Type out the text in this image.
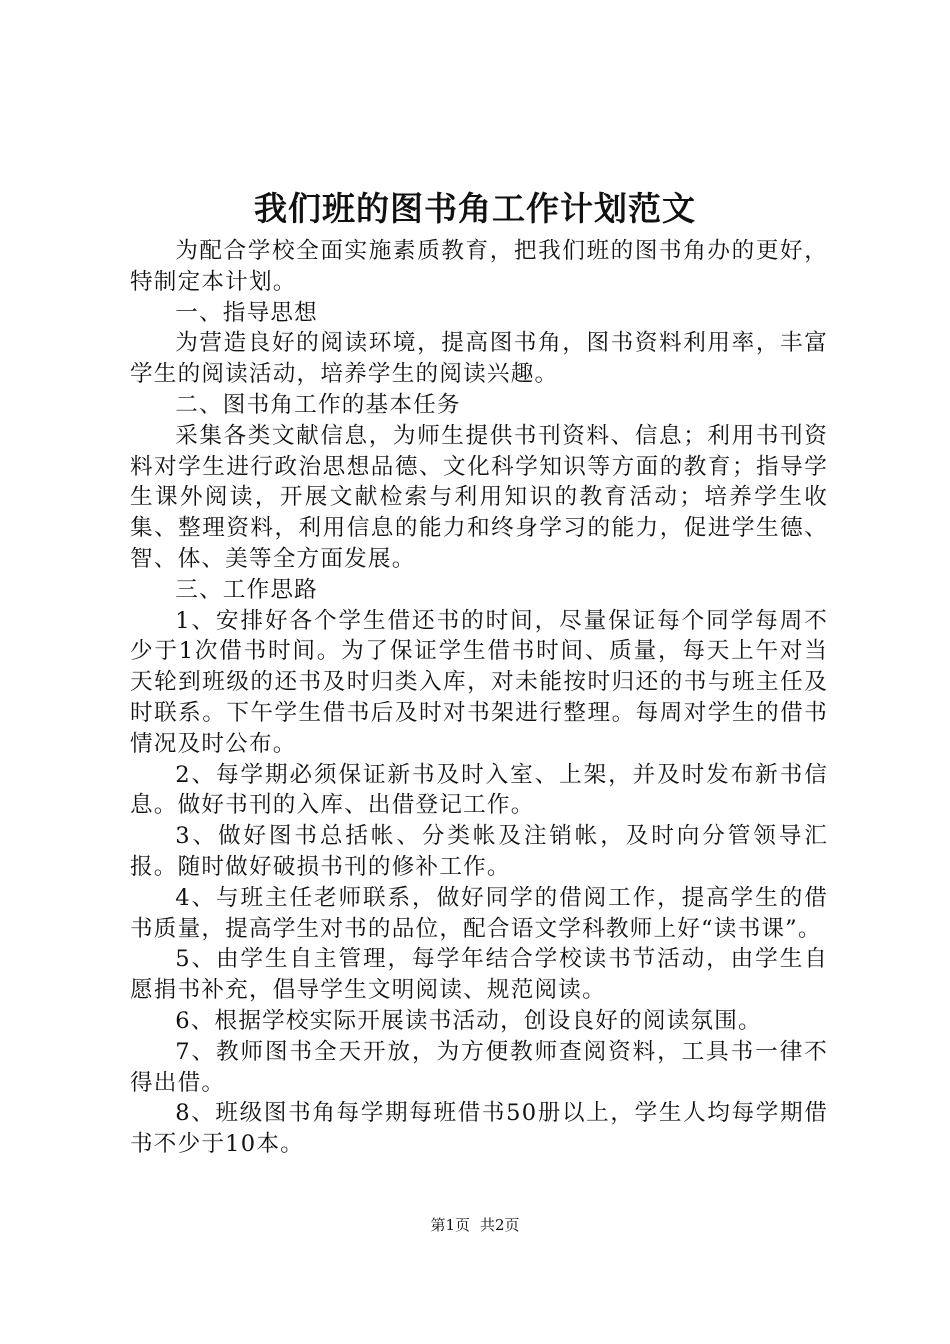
我们班的图书角工作计划范文

为配合学校全面实施素质教育，把我们班的图书角办的更好，特制定本计划。

一、指导思想

为营造良好的阅读环境，提高图书角，图书资料利用率，丰富学生的阅读活动，培养学生的阅读兴趣。

二、图书角工作的基本任务

采集各类文献信息，为师生提供书刊资料、信息；利用书刊资料对学生进行政治思想品德、文化科学知识等方面的教育；指导学生课外阅读，开展文献检索与利用知识的教育活动；培养学生收集、整理资料，利用信息的能力和终身学习的能力，促进学生德、智、体、美等全方面发展。

三、工作思路

1、安排好各个学生借还书的时间，尽量保证每个同学每周不少于1次借书时间。为了保证学生借书时间、质量，每天上午对当天轮到班级的还书及时归类入库，对未能按时归还的书与班主任及时联系。下午学生借书后及时对书架进行整理。每周对学生的借书情况及时公布。

2、每学期必须保证新书及时入室、上架，并及时发布新书信息。做好书刊的入库、出借登记工作。

3、做好图书总括帐、分类帐及注销帐，及时向分管领导汇报。随时做好破损书刊的修补工作。

4、与班主任老师联系，做好同学的借阅工作，提高学生的借书质量，提高学生对书的品位，配合语文学科教师上好“读书课”。

5、由学生自主管理，每学年结合学校读书节活动，由学生自愿捐书补充，倡导学生文明阅读、规范阅读。

6、根据学校实际开展读书活动，创设良好的阅读氛围。

7、教师图书全天开放，为方便教师查阅资料，工具书一律不得出借。

8、班级图书角每学期每班借书50册以上，学生人均每学期借书不少于10本。

第1页 共2页
